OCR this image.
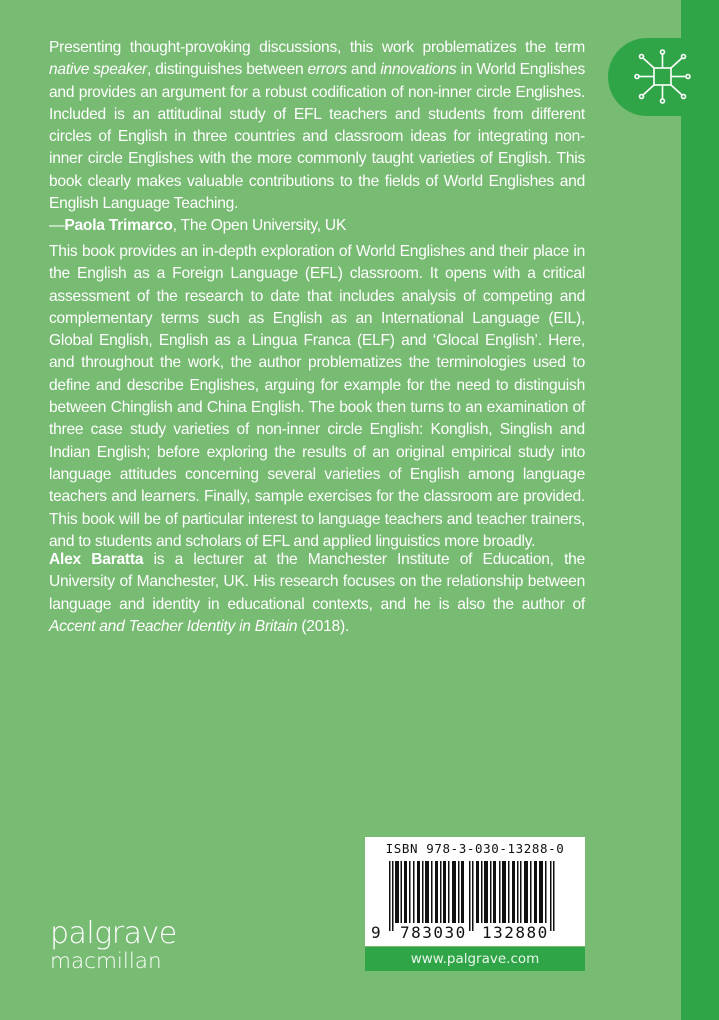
Presenting thought-provoking discussions, this work problematizes the term native speaker, distinguishes between errors and innovations in World Englishes and provides an argument for a robust codification of non-inner circle Englishes. Included is an attitudinal study of EFL teachers and students from different circles of English in three countries and classroom ideas for integrating non-inner circle Englishes with the more commonly taught varieties of English. This book clearly makes valuable contributions to the fields of World Englishes and English Language Teaching.

—Paola Trimarco, The Open University, UK

This book provides an in-depth exploration of World Englishes and their place in the English as a Foreign Language (EFL) classroom. It opens with a critical assessment of the research to date that includes analysis of competing and complementary terms such as English as an International Language (EIL), Global English, English as a Lingua Franca (ELF) and ‘Glocal English’. Here, and throughout the work, the author problematizes the terminologies used to define and describe Englishes, arguing for example for the need to distinguish between Chinglish and China English. The book then turns to an examination of three case study varieties of non-inner circle English: Konglish, Singlish and Indian English; before exploring the results of an original empirical study into language attitudes concerning several varieties of English among language teachers and learners. Finally, sample exercises for the classroom are provided. This book will be of particular interest to language teachers and teacher trainers, and to students and scholars of EFL and applied linguistics more broadly.

Alex Baratta is a lecturer at the Manchester Institute of Education, the University of Manchester, UK. His research focuses on the relationship between language and identity in educational contexts, and he is also the author of Accent and Teacher Identity in Britain (2018).

ISBN 978-3-030-13288-0
9 783030 132880
www.palgrave.com
palgrave
macmillan
